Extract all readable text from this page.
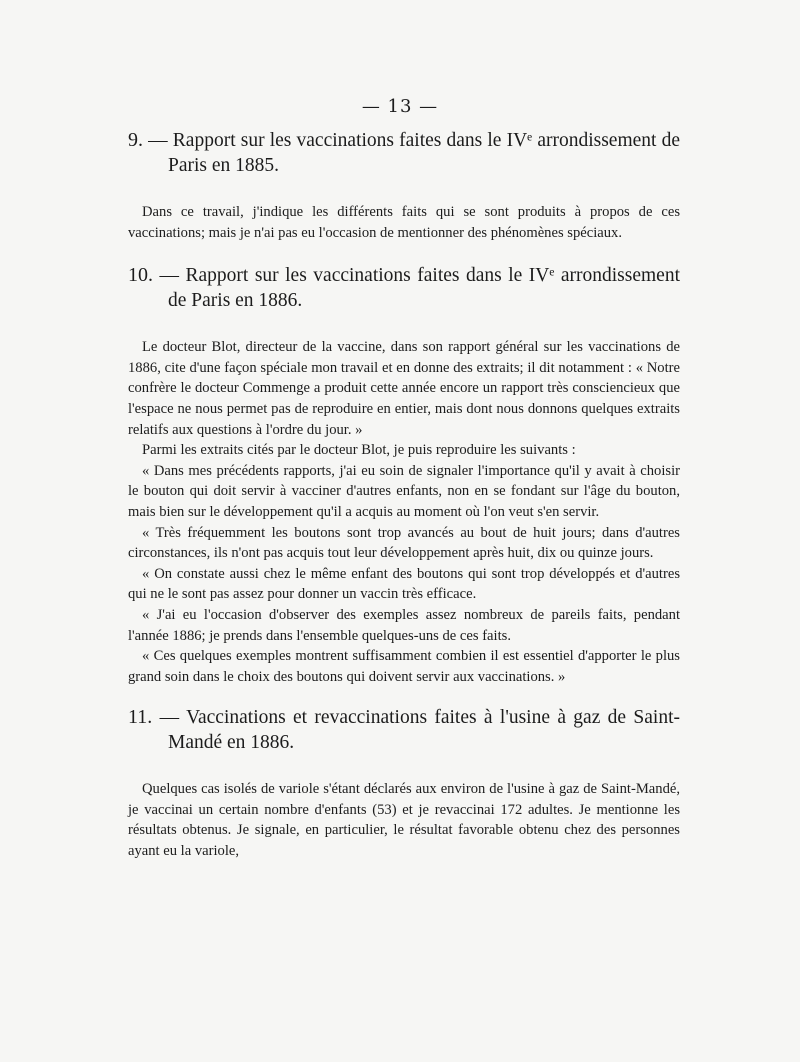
— 13 —

9. — Rapport sur les vaccinations faites dans le IVᵉ arrondissement de Paris en 1885.

Dans ce travail, j'indique les différents faits qui se sont produits à propos de ces vaccinations; mais je n'ai pas eu l'occasion de mentionner des phénomènes spéciaux.

10. — Rapport sur les vaccinations faites dans le IVᵉ arrondissement de Paris en 1886.

Le docteur Blot, directeur de la vaccine, dans son rapport général sur les vaccinations de 1886, cite d'une façon spéciale mon travail et en donne des extraits; il dit notamment : « Notre confrère le docteur Commenge a produit cette année encore un rapport très consciencieux que l'espace ne nous permet pas de reproduire en entier, mais dont nous donnons quelques extraits relatifs aux questions à l'ordre du jour. »

Parmi les extraits cités par le docteur Blot, je puis reproduire les suivants :

« Dans mes précédents rapports, j'ai eu soin de signaler l'importance qu'il y avait à choisir le bouton qui doit servir à vacciner d'autres enfants, non en se fondant sur l'âge du bouton, mais bien sur le développement qu'il a acquis au moment où l'on veut s'en servir.

« Très fréquemment les boutons sont trop avancés au bout de huit jours; dans d'autres circonstances, ils n'ont pas acquis tout leur développement après huit, dix ou quinze jours.

« On constate aussi chez le même enfant des boutons qui sont trop développés et d'autres qui ne le sont pas assez pour donner un vaccin très efficace.

« J'ai eu l'occasion d'observer des exemples assez nombreux de pareils faits, pendant l'année 1886; je prends dans l'ensemble quelques-uns de ces faits.

« Ces quelques exemples montrent suffisamment combien il est essentiel d'apporter le plus grand soin dans le choix des boutons qui doivent servir aux vaccinations. »

11. — Vaccinations et revaccinations faites à l'usine à gaz de Saint-Mandé en 1886.

Quelques cas isolés de variole s'étant déclarés aux environ de l'usine à gaz de Saint-Mandé, je vaccinai un certain nombre d'enfants (53) et je revaccinai 172 adultes. Je mentionne les résultats obtenus. Je signale, en particulier, le résultat favorable obtenu chez des personnes ayant eu la variole,
